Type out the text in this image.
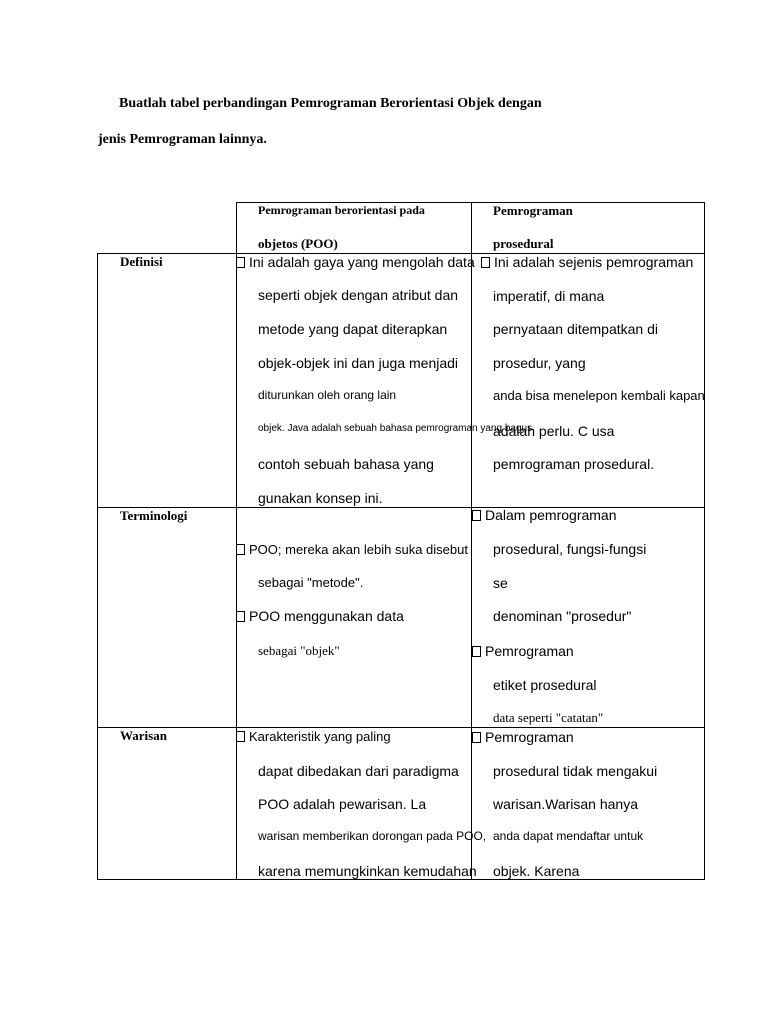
Buatlah tabel perbandingan Pemrograman Berorientasi Objek dengan
jenis Pemrograman lainnya.
Pemrograman berorientasi pada
objetos (POO)
Pemrograman
prosedural
Definisi
Terminologi
Warisan
Ini adalah gaya yang mengolah data
seperti objek dengan atribut dan
metode yang dapat diterapkan
objek-objek ini dan juga menjadi
diturunkan oleh orang lain
objek. Java adalah sebuah bahasa pemrograman yang bagus
contoh sebuah bahasa yang
gunakan konsep ini.
Ini adalah sejenis pemrograman
imperatif, di mana
pernyataan ditempatkan di
prosedur, yang
anda bisa menelepon kembali kapan
adalah perlu. C usa
pemrograman prosedural.
POO; mereka akan lebih suka disebut
sebagai "metode".
POO menggunakan data
sebagai "objek"
Dalam pemrograman
prosedural, fungsi-fungsi
se
denominan "prosedur"
Pemrograman
etiket prosedural
data seperti "catatan"
Karakteristik yang paling
dapat dibedakan dari paradigma
POO adalah pewarisan. La
warisan memberikan dorongan pada POO,
karena memungkinkan kemudahan
Pemrograman
prosedural tidak mengakui
warisan.Warisan hanya
anda dapat mendaftar untuk
objek. Karena
